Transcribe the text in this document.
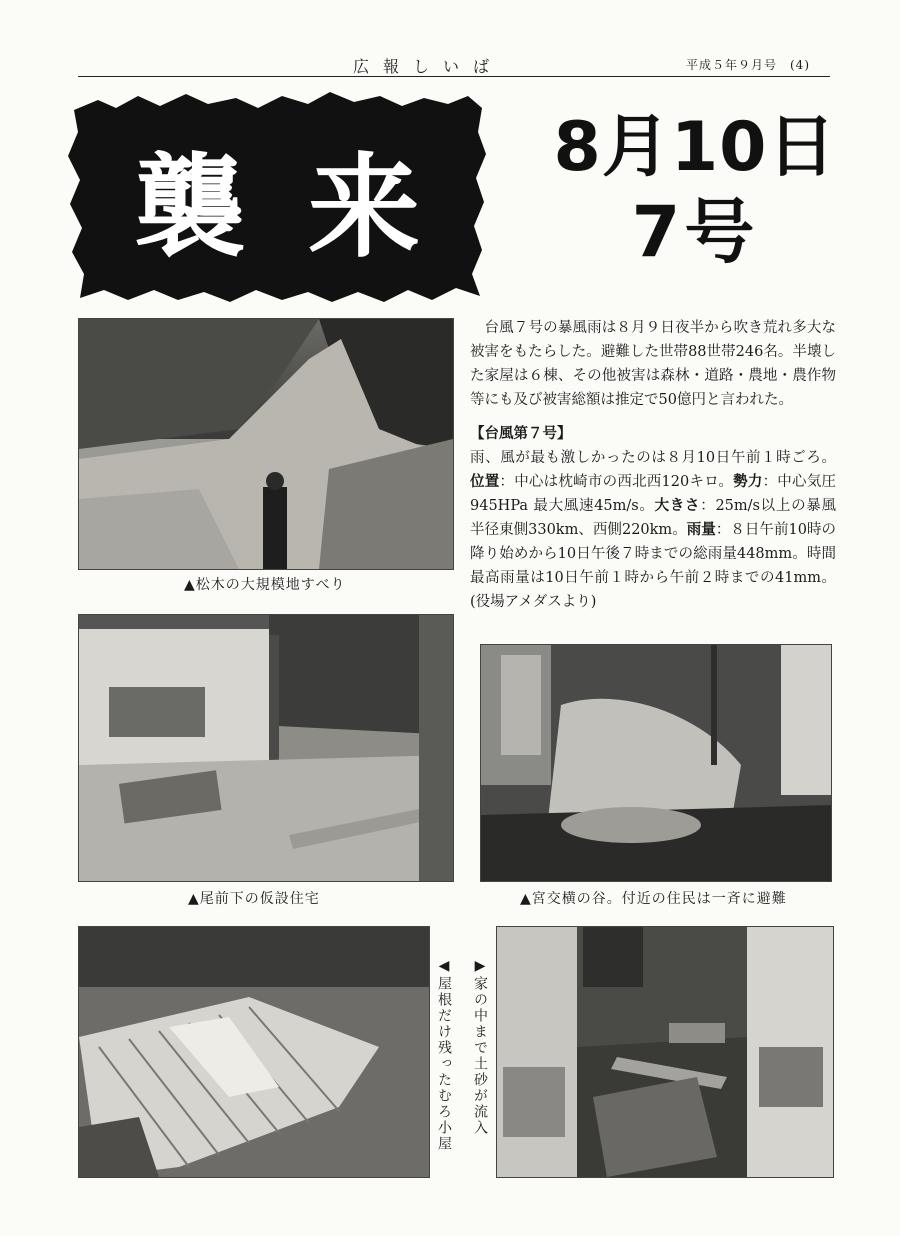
広報しいば	平成５年９月号　(4)
襲 来 8月10日
7号
▲松木の大規模地すべり

台風７号の暴風雨は８月９日夜半から吹き荒れ多大な被害をもたらした。避難した世帯88世帯246名。半壊した家屋は６棟、その他被害は森林・道路・農地・農作物等にも及び被害総額は推定で50億円と言われた。

【台風第７号】

雨、風が最も激しかったのは８月10日午前１時ごろ。位置：中心は枕崎市の西北西120キロ。勢力：中心気圧945HPa 最大風速45m/s。大きさ：25m/s以上の暴風半径東側330km、西側220km。雨量：８日午前10時の降り始めから10日午後７時までの総雨量448mm。時間最高雨量は10日午前１時から午前２時までの41mm。(役場アメダスより)

▲尾前下の仮設住宅	▲宮交横の谷。付近の住民は一斉に避難
◀屋根だけ残ったむろ小屋 ▶家の中まで土砂が流入
